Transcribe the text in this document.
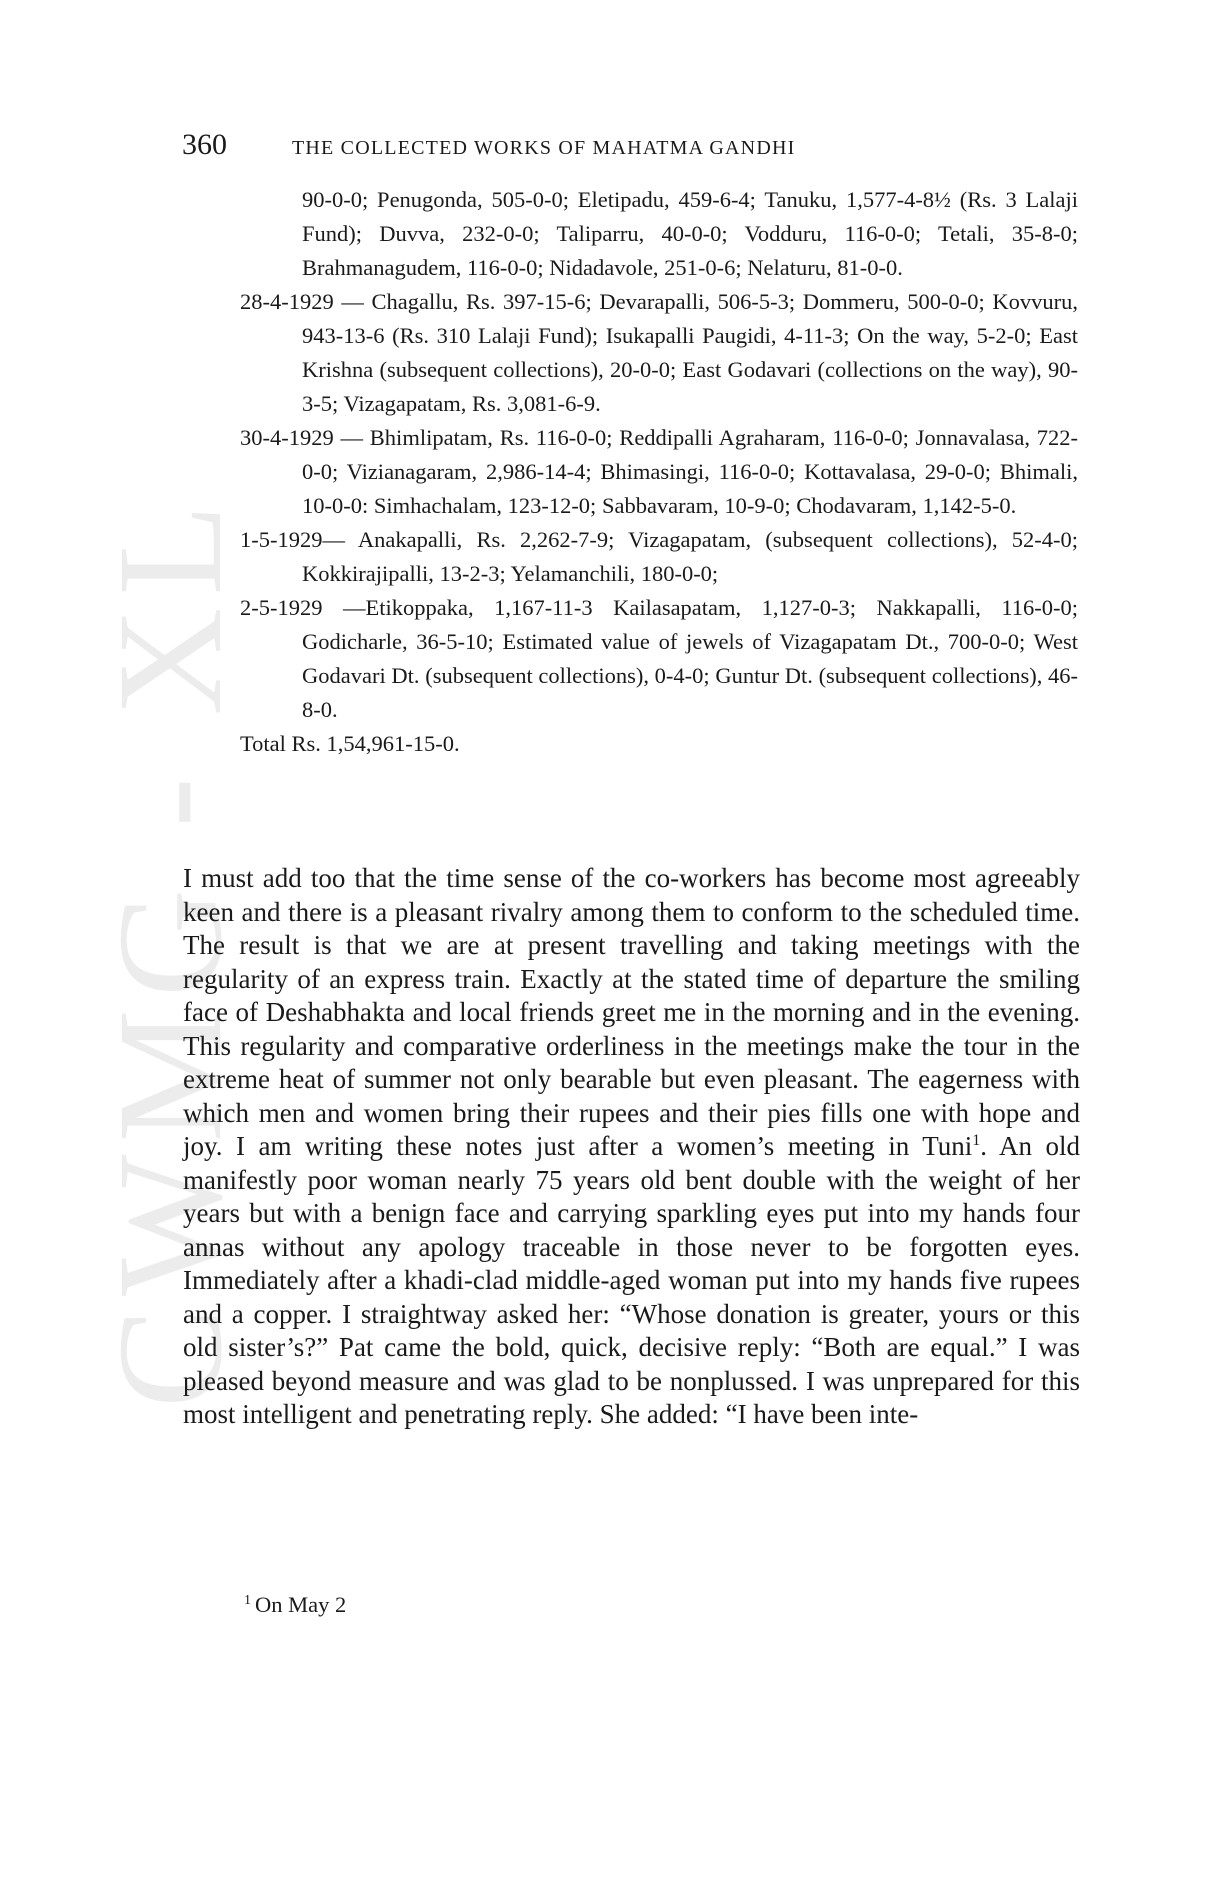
CWMG - XL
360	THE COLLECTED WORKS OF MAHATMA GANDHI
90-0-0; Penugonda, 505-0-0; Eletipadu, 459-6-4; Tanuku, 1,577-4-8½ (Rs. 3 Lalaji Fund); Duvva, 232-0-0; Taliparru, 40-0-0; Vodduru, 116-0-0; Tetali, 35-8-0; Brahmanagudem, 116-0-0; Nidadavole, 251-0-6; Nelaturu, 81-0-0.
28-4-1929 — Chagallu, Rs. 397-15-6; Devarapalli, 506-5-3; Dommeru, 500-0-0; Kovvuru, 943-13-6 (Rs. 310 Lalaji Fund); Isukapalli Paugidi, 4-11-3; On the way, 5-2-0; East Krishna (subsequent collections), 20-0-0; East Godavari (collections on the way), 90-3-5; Vizagapatam, Rs. 3,081-6-9.
30-4-1929 — Bhimlipatam, Rs. 116-0-0; Reddipalli Agraharam, 116-0-0; Jonnavalasa, 722-0-0; Vizianagaram, 2,986-14-4; Bhimasingi, 116-0-0; Kottavalasa, 29-0-0; Bhimali, 10-0-0: Simhachalam, 123-12-0; Sabbavaram, 10-9-0; Chodavaram, 1,142-5-0.
1-5-1929— Anakapalli, Rs. 2,262-7-9; Vizagapatam, (subsequent collections), 52-4-0; Kokkirajipalli, 13-2-3; Yelamanchili, 180-0-0;
2-5-1929 —Etikoppaka, 1,167-11-3 Kailasapatam, 1,127-0-3; Nakkapalli, 116-0-0; Godicharle, 36-5-10; Estimated value of jewels of Vizagapatam Dt., 700-0-0; West Godavari Dt. (subsequent collections), 0-4-0; Guntur Dt. (subsequent collections), 46-8-0.
Total Rs. 1,54,961-15-0.
I must add too that the time sense of the co-workers has become most agreeably keen and there is a pleasant rivalry among them to conform to the scheduled time. The result is that we are at present travelling and taking meetings with the regularity of an express train. Exactly at the stated time of departure the smiling face of Deshabhakta and local friends greet me in the morning and in the evening. This regularity and comparative orderliness in the meetings make the tour in the extreme heat of summer not only bearable but even pleasant. The eagerness with which men and women bring their rupees and their pies fills one with hope and joy. I am writing these notes just after a women’s meeting in Tuni$^1$. An old manifestly poor woman nearly 75 years old bent double with the weight of her years but with a benign face and carrying sparkling eyes put into my hands four annas without any apology traceable in those never to be forgotten eyes. Immediately after a khadi-clad middle-aged woman put into my hands five rupees and a copper. I straightway asked her: “Whose donation is greater, yours or this old sister’s?” Pat came the bold, quick, decisive reply: “Both are equal.” I was pleased beyond measure and was glad to be nonplussed. I was unprepared for this most intelligent and penetrating reply. She added: “I have been inte-
$^1$ On May 2
